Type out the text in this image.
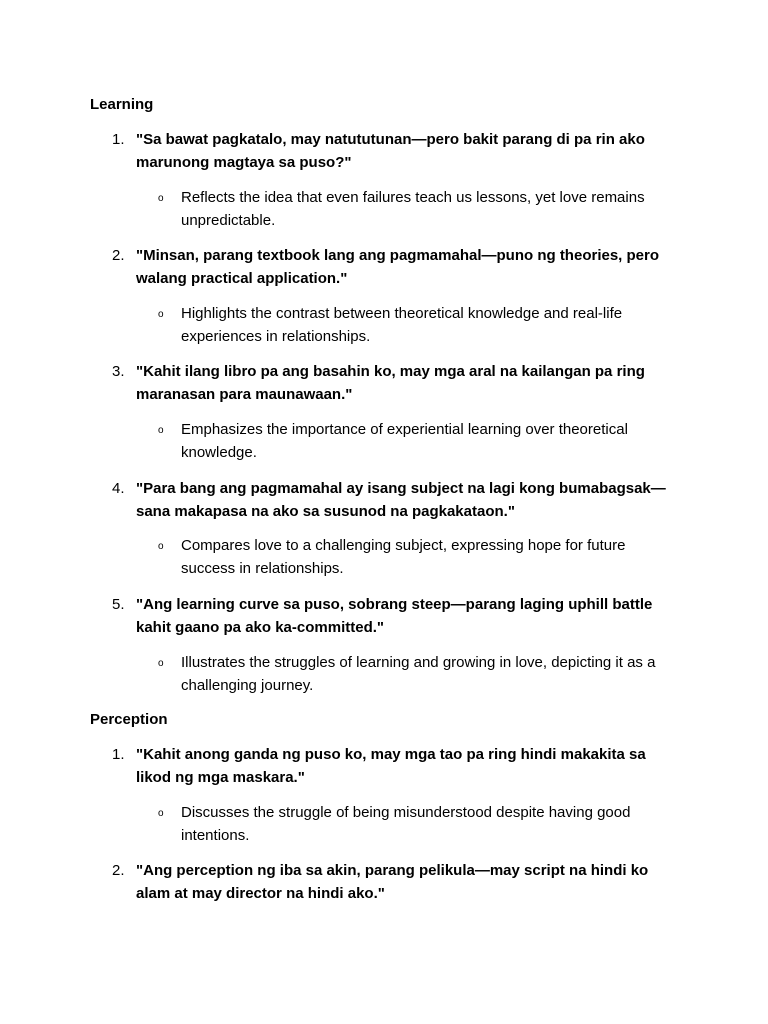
Learning
1. "Sa bawat pagkatalo, may natututunan—pero bakit parang di pa rin ako marunong magtaya sa puso?"
o Reflects the idea that even failures teach us lessons, yet love remains unpredictable.
2. "Minsan, parang textbook lang ang pagmamahal—puno ng theories, pero walang practical application."
o Highlights the contrast between theoretical knowledge and real-life experiences in relationships.
3. "Kahit ilang libro pa ang basahin ko, may mga aral na kailangan pa ring maranasan para maunawaan."
o Emphasizes the importance of experiential learning over theoretical knowledge.
4. "Para bang ang pagmamahal ay isang subject na lagi kong bumabagsak—sana makapasa na ako sa susunod na pagkakataon."
o Compares love to a challenging subject, expressing hope for future success in relationships.
5. "Ang learning curve sa puso, sobrang steep—parang laging uphill battle kahit gaano pa ako ka-committed."
o Illustrates the struggles of learning and growing in love, depicting it as a challenging journey.
Perception
1. "Kahit anong ganda ng puso ko, may mga tao pa ring hindi makakita sa likod ng mga maskara."
o Discusses the struggle of being misunderstood despite having good intentions.
2. "Ang perception ng iba sa akin, parang pelikula—may script na hindi ko alam at may director na hindi ako."
